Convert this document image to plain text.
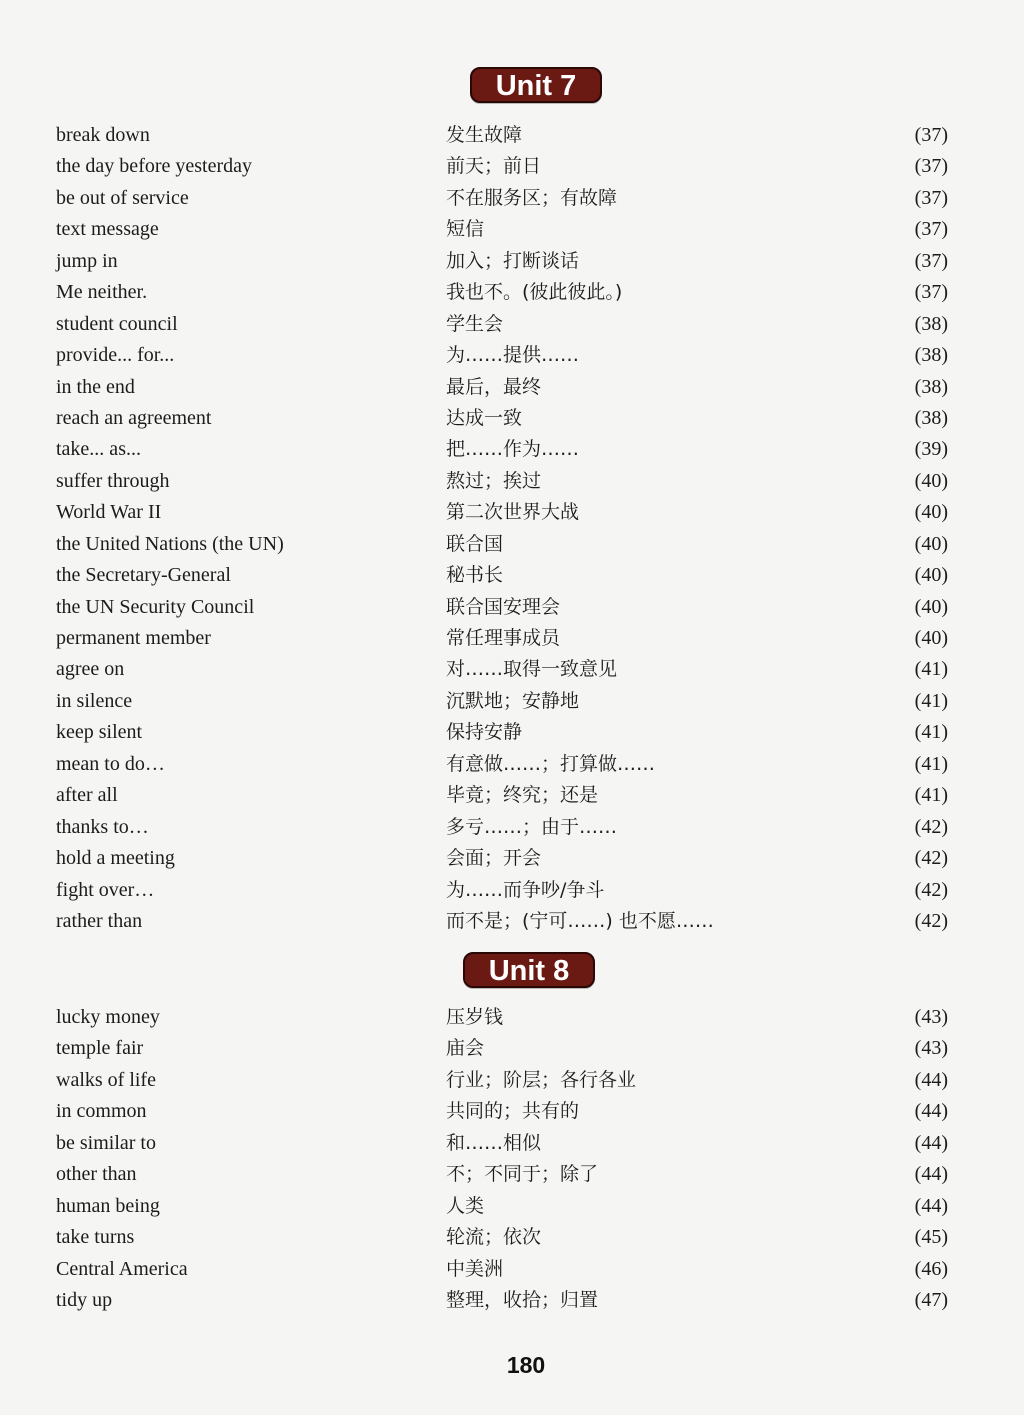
Unit 7
break down	发生故障	(37)
the day before yesterday	前天；前日	(37)
be out of service	不在服务区；有故障	(37)
text message	短信	(37)
jump in	加入；打断谈话	(37)
Me neither.	我也不。(彼此彼此。)	(37)
student council	学生会	(38)
provide... for...	为……提供……	(38)
in the end	最后，最终	(38)
reach an agreement	达成一致	(38)
take... as...	把……作为……	(39)
suffer through	熬过；挨过	(40)
World War II	第二次世界大战	(40)
the United Nations (the UN)	联合国	(40)
the Secretary-General	秘书长	(40)
the UN Security Council	联合国安理会	(40)
permanent member	常任理事成员	(40)
agree on	对……取得一致意见	(41)
in silence	沉默地；安静地	(41)
keep silent	保持安静	(41)
mean to do…	有意做……；打算做……	(41)
after all	毕竟；终究；还是	(41)
thanks to…	多亏……；由于……	(42)
hold a meeting	会面；开会	(42)
fight over…	为……而争吵/争斗	(42)
rather than	而不是；(宁可……) 也不愿……	(42)
Unit 8
lucky money	压岁钱	(43)
temple fair	庙会	(43)
walks of life	行业；阶层；各行各业	(44)
in common	共同的；共有的	(44)
be similar to	和……相似	(44)
other than	不；不同于；除了	(44)
human being	人类	(44)
take turns	轮流；依次	(45)
Central America	中美洲	(46)
tidy up	整理，收拾；归置	(47)
180
